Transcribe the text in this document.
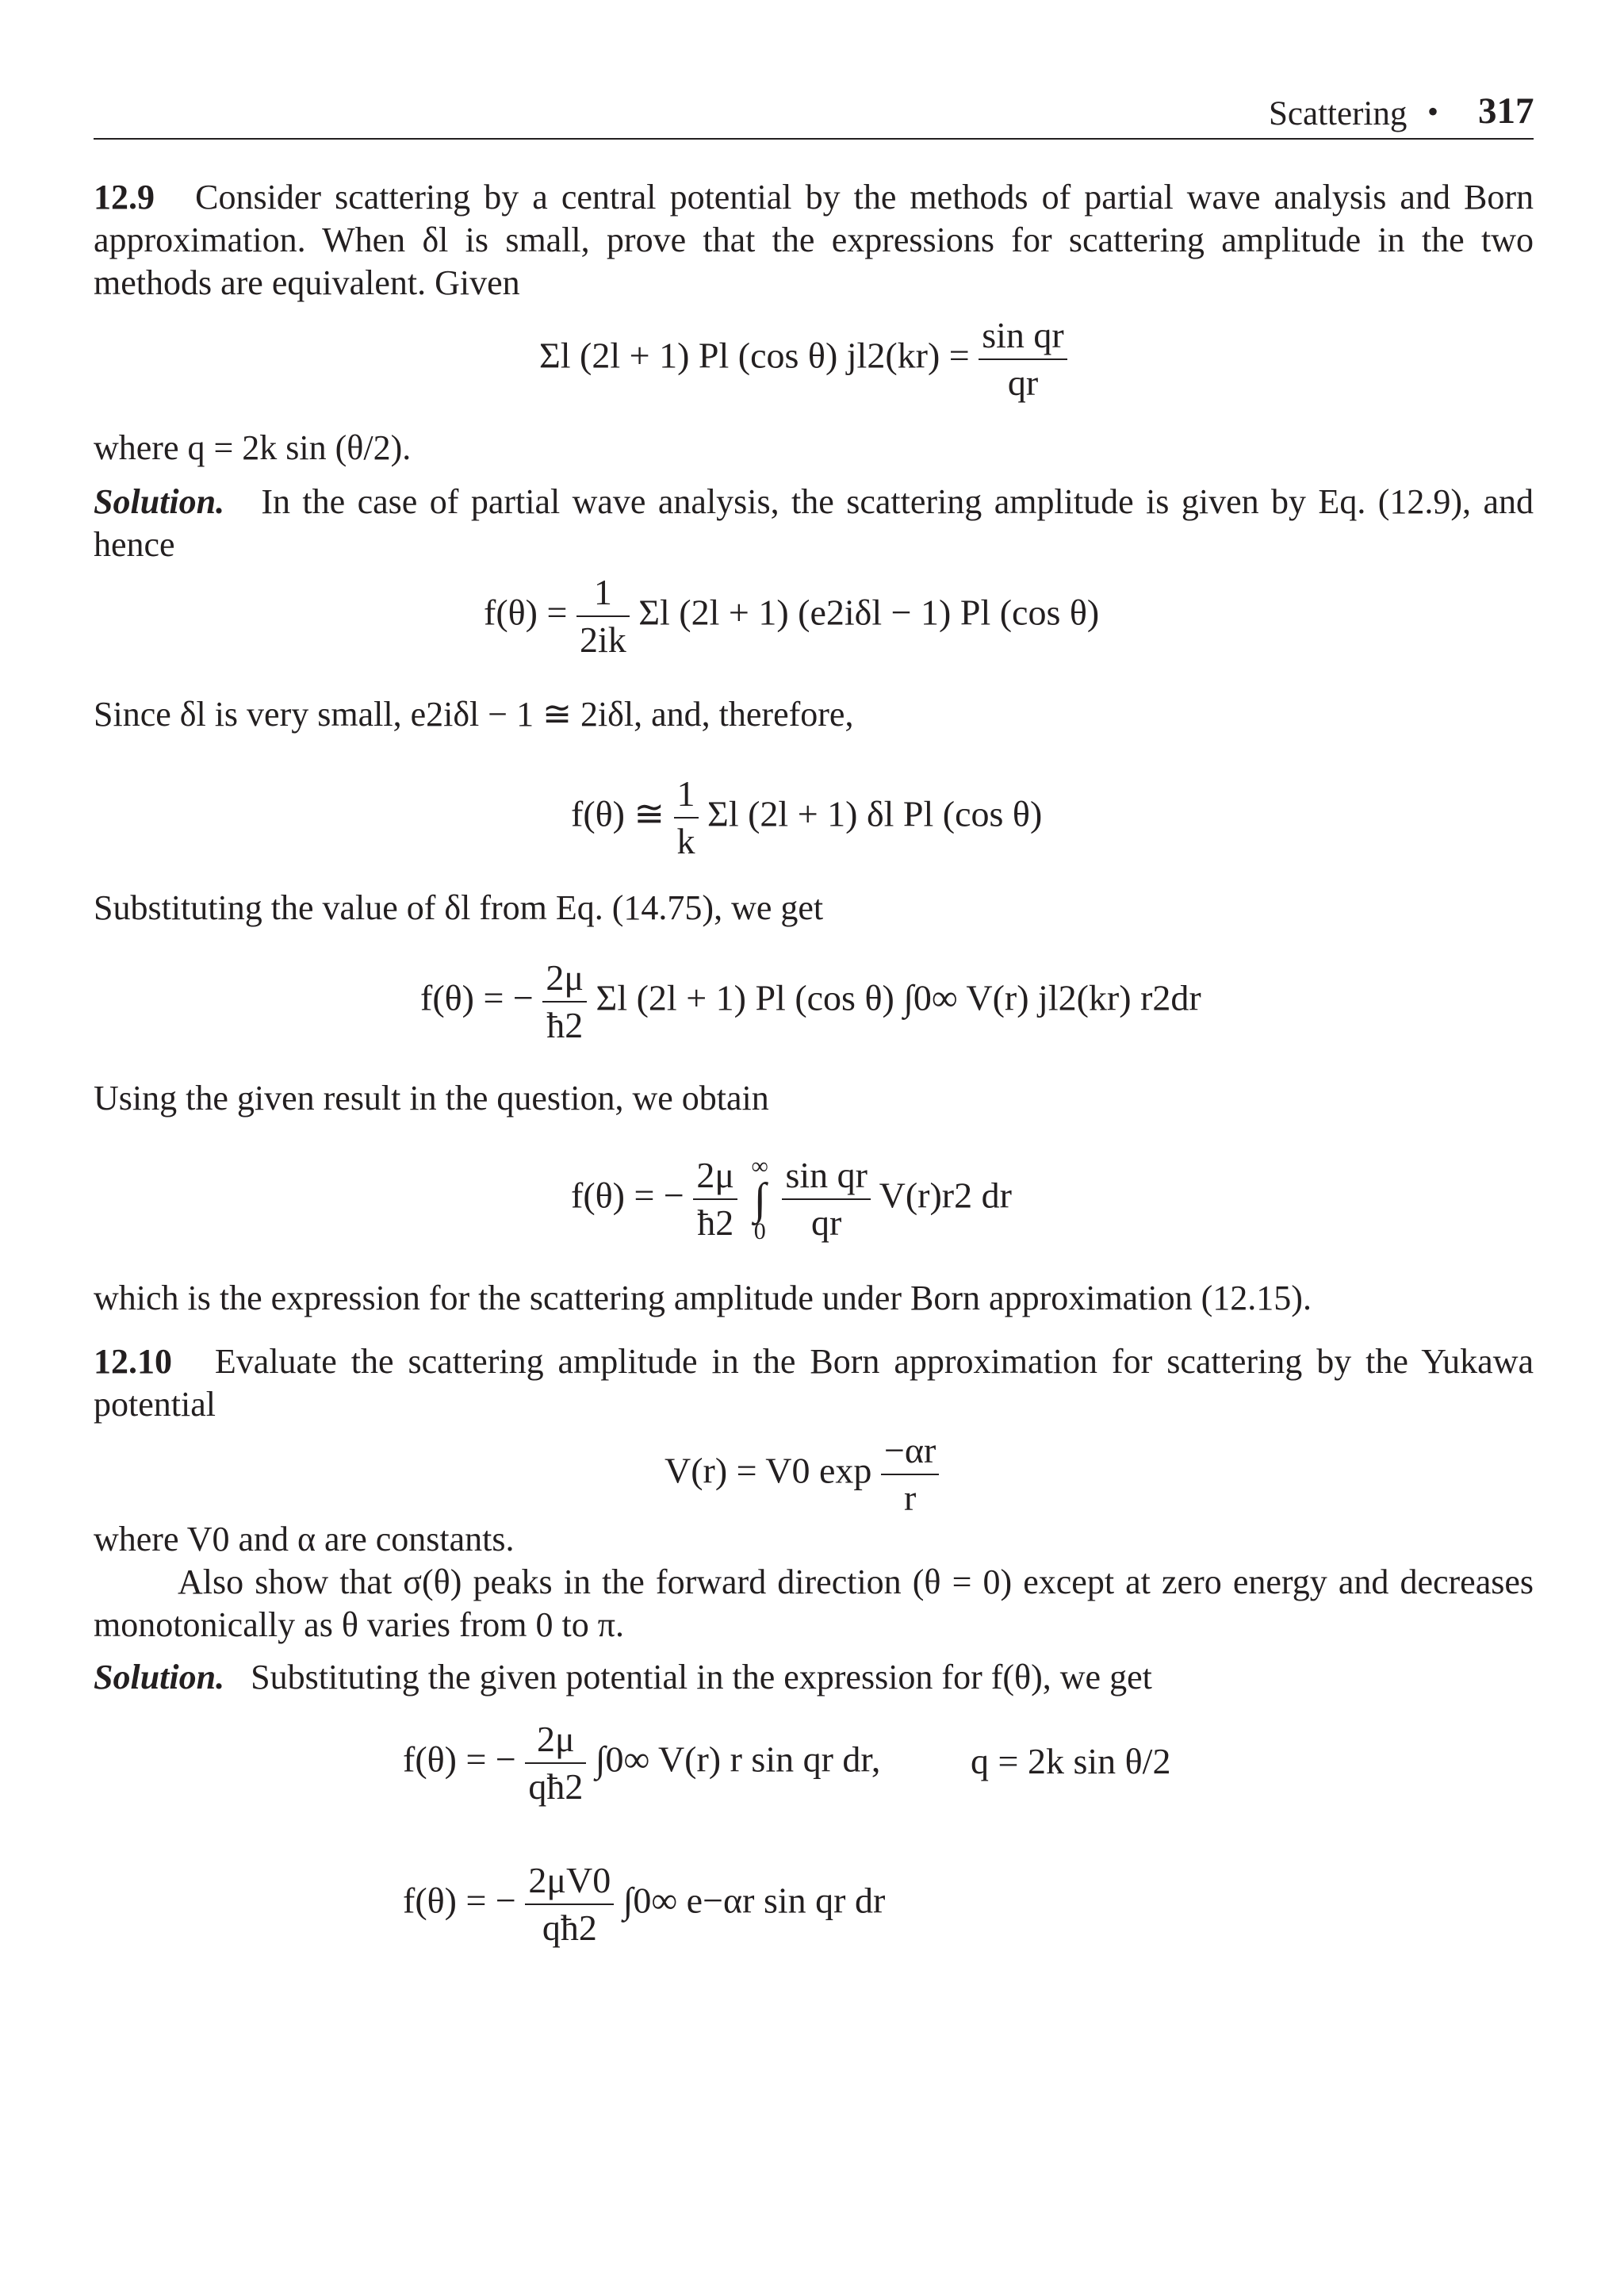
Scattering • 317
12.9 Consider scattering by a central potential by the methods of partial wave analysis and Born
approximation. When δl is small, prove that the expressions for scattering amplitude in the two
methods are equivalent. Given
Σl (2l + 1) Pl (cos θ) $jl2(kr) = \frac{\text{sin qr}}{qr}$
where q = 2k sin (θ/2).
Solution. In the case of partial wave analysis, the scattering amplitude is given by Eq. (12.9), and
hence
$f(\theta) = \frac{1}{2ik}$ Σl (2l + 1) (e2iδl − 1) Pl (cos θ)
Since δl is very small, e2iδl − 1 ≅ 2iδl, and, therefore,
f(θ) ≅ $\frac{1}{k}$ Σl (2l + 1) δl Pl (cos θ)
Substituting the value of δl from Eq. (14.75), we get
f(θ) = − $\frac{2\mu}{ħ2}$ Σl (2l + 1) Pl (cos θ) ∫0∞ V(r) jl2(kr) r2dr
Using the given result in the question, we obtain
f(θ) = − $\frac{2\mu}{ħ2}$
∞
∫
0
$\frac{\text{sin qr}}{qr} V(r)r2$ dr
which is the expression for the scattering amplitude under Born approximation (12.15).
12.10 Evaluate the scattering amplitude in the Born approximation for scattering by the Yukawa
potential
V(r) = V0 $\exp \frac{-\alpha r}{r}$
where V0 and α are constants.
Also show that σ(θ) peaks in the forward direction (θ = 0) except at zero energy and decreases
monotonically as θ varies from 0 to π.
Solution. Substituting the given potential in the expression for f(θ), we get
f(θ) = − $\frac{2\mu}{qħ2} \int 0\infty$ V(r) r sin qr dr, q = 2k sin θ/2
f(θ) = − $\frac{2\mu V0}{qħ2} \int 0\infty$ e−αr sin qr dr
